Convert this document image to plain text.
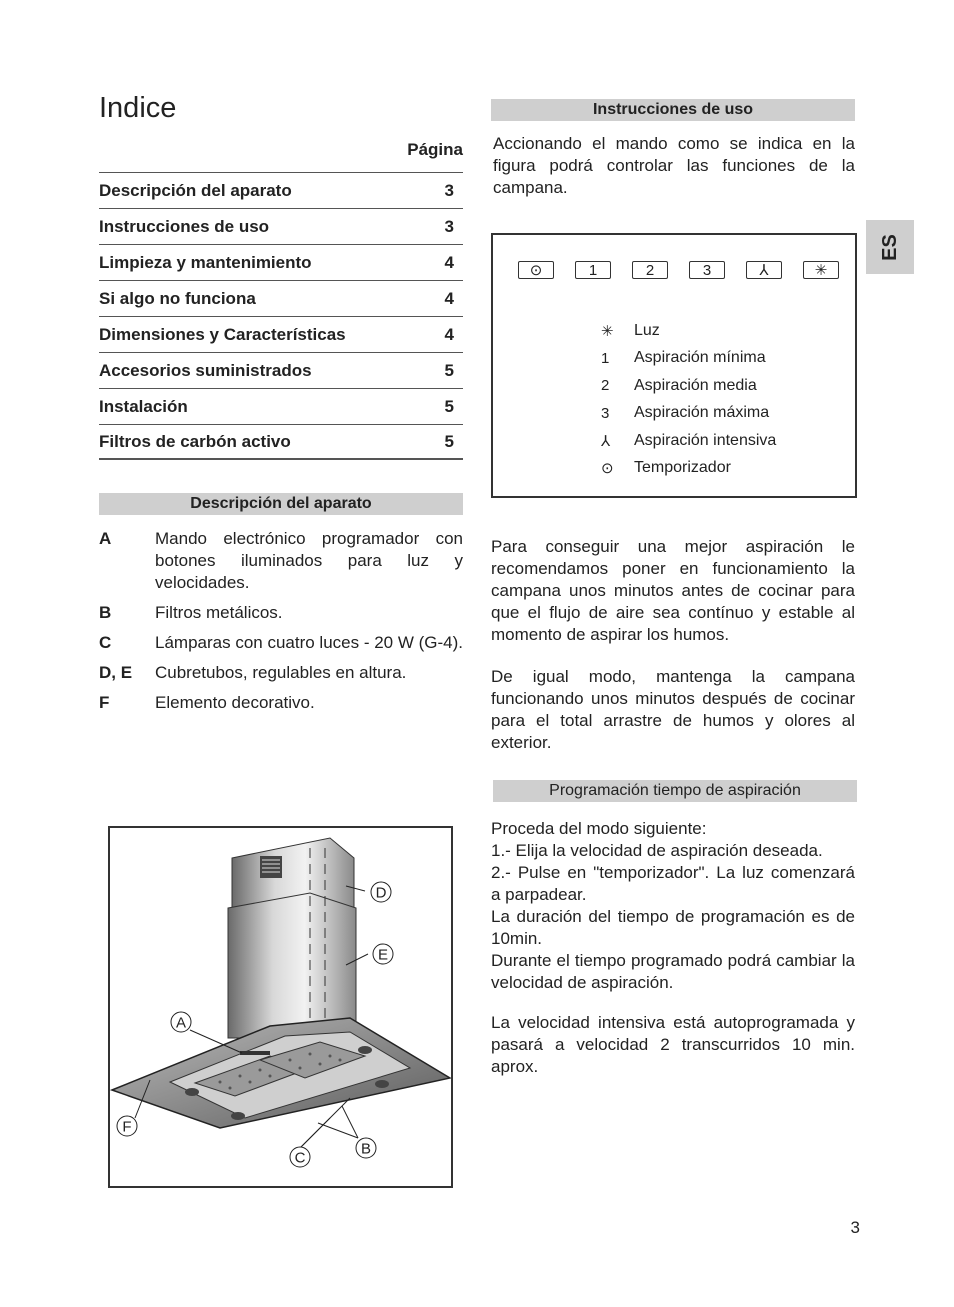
Indice
Página
Descripción del aparato	3
Instrucciones de uso	3
Limpieza y mantenimiento	4
Si algo no funciona	4
Dimensiones y Características	4
Accesorios suministrados	5
Instalación	5
Filtros de carbón activo	5
Descripción del aparato
A	Mando electrónico programador con botones iluminados para luz y velocidades.
B	Filtros metálicos.
C	Lámparas con cuatro luces - 20 W (G-4).
D, E	Cubretubos, regulables en altura.
F	Elemento decorativo.
D
E
A
F
C
B
Instrucciones de uso
Accionando el mando como se indica en la figura podrá controlar las funciones de la campana.
⊙	1	2	3	⅄	✳
✳	Luz
1	Aspiración mínima
2	Aspiración media
3	Aspiración máxima
⅄	Aspiración intensiva
⊙	Temporizador
Para conseguir una mejor aspiración le recomendamos poner en funcionamiento la campana unos minutos antes de cocinar para que el flujo de aire sea contínuo y estable al momento de aspirar los humos.
De igual modo, mantenga la campana funcionando unos minutos después de cocinar para el total arrastre de humos y olores al exterior.
Programación tiempo de aspiración

Proceda del modo siguiente:

1.- Elija la velocidad de aspiración deseada.

2.- Pulse en "temporizador". La luz comenzará a parpadear.

La duración del tiempo de programación es de 10min.

Durante el tiempo programado podrá cambiar la velocidad de aspiración.

La velocidad intensiva está autoprogramada y pasará a velocidad 2 transcurridos 10 min. aprox.
ES
3
